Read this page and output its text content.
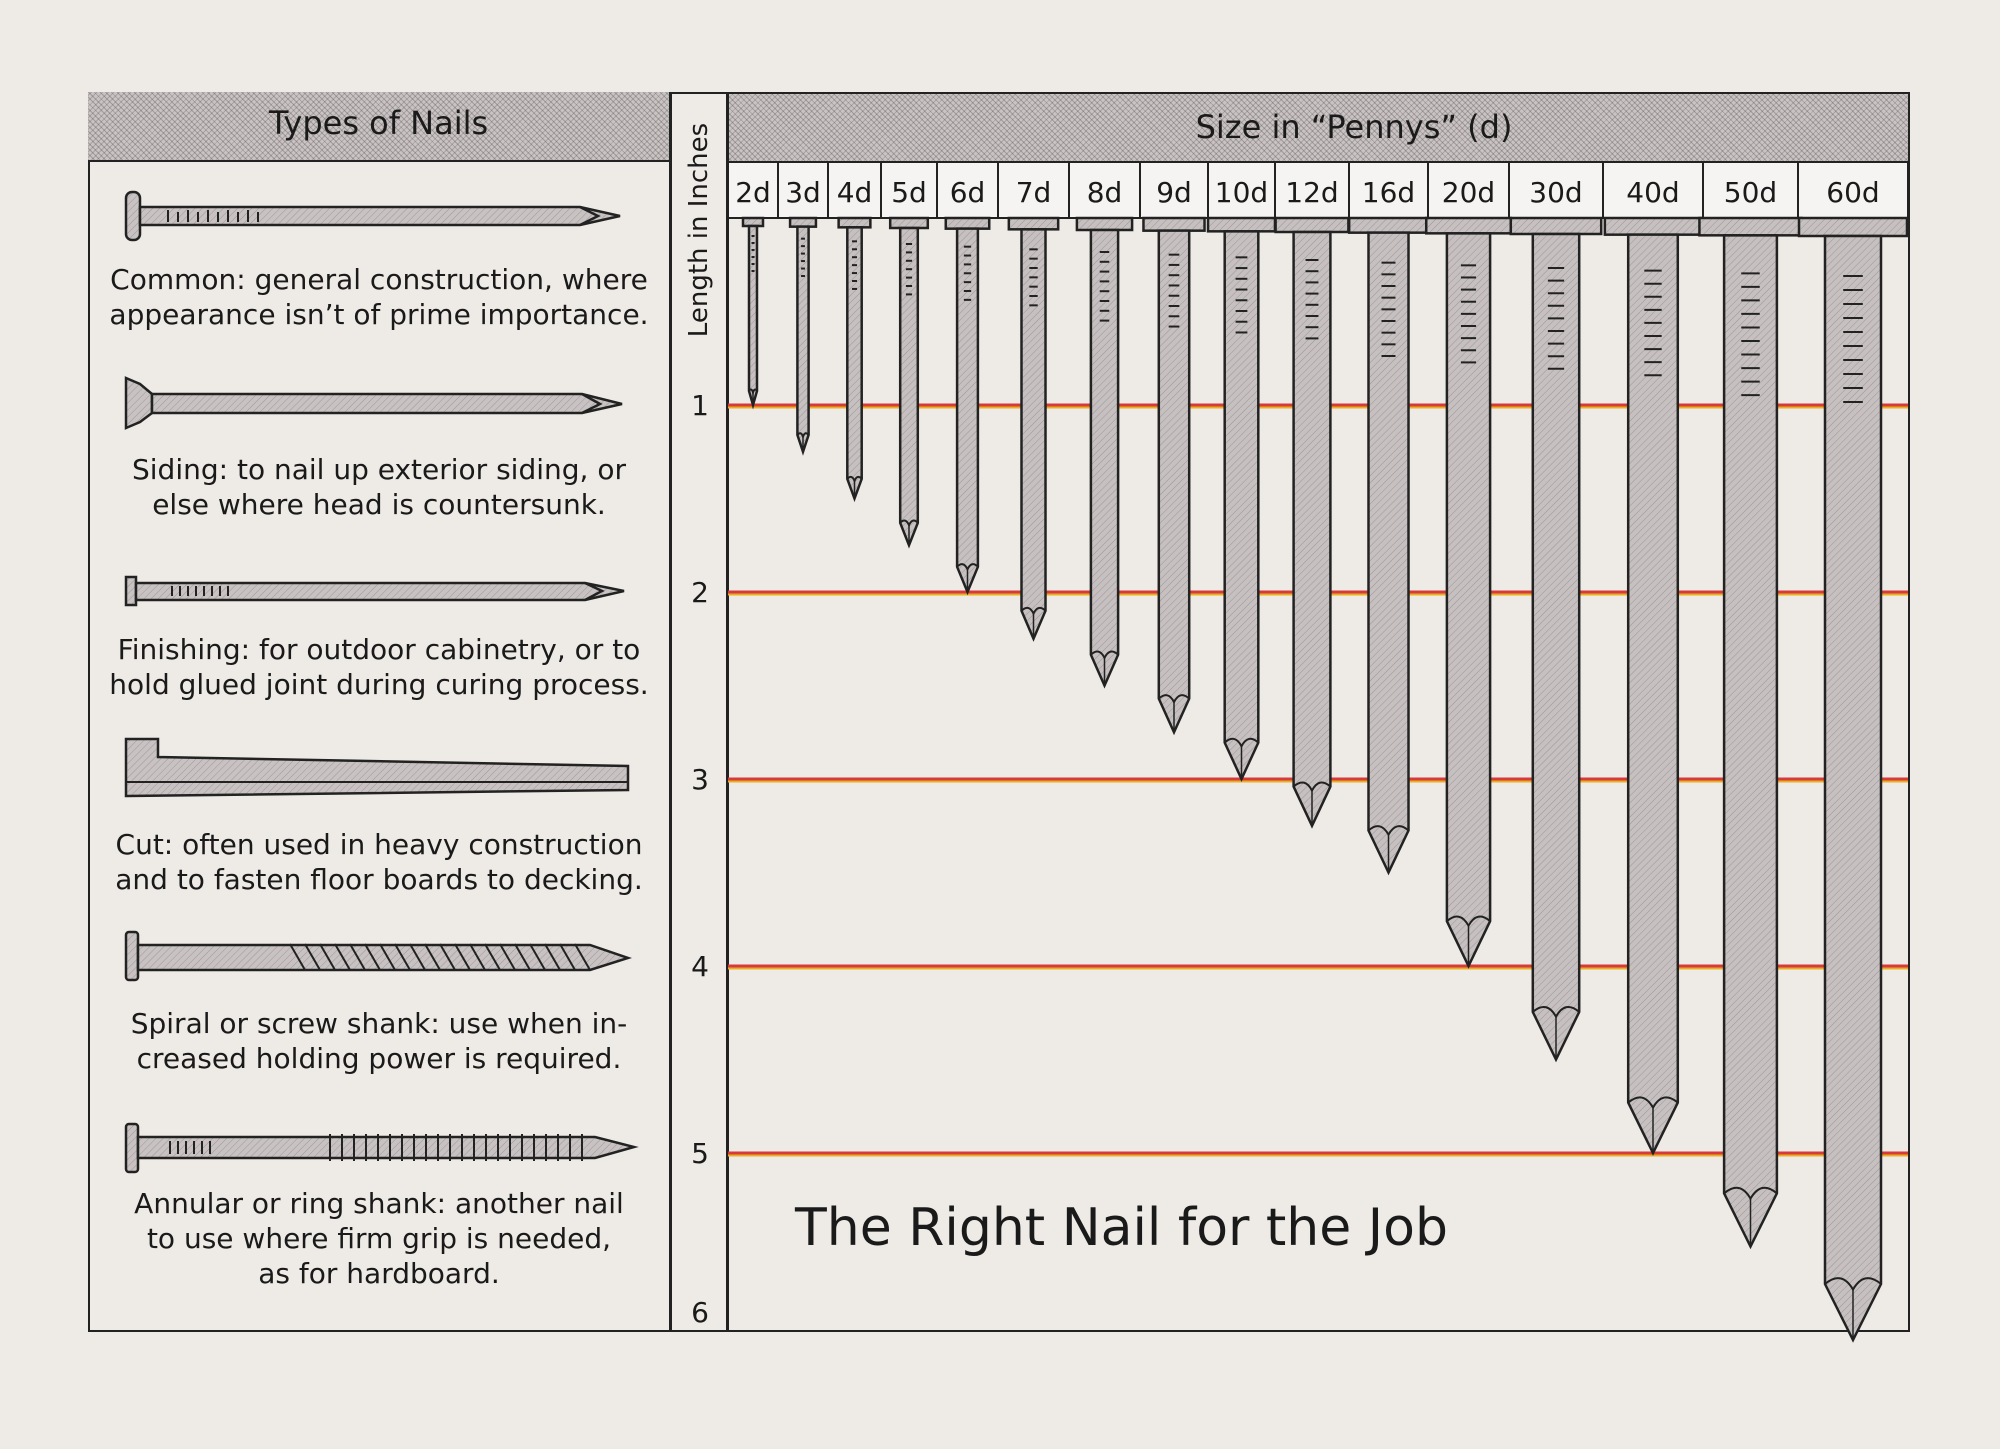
Types of Nails	Size in “Pennys” (d)
Length in Inches
Common: general construction, where
appearance isn’t of prime importance.
Siding: to nail up exterior siding, or
else where head is countersunk.
Finishing: for outdoor cabinetry, or to
hold glued joint during curing process.
Cut: often used in heavy construction
and to fasten floor boards to decking.
Spiral or screw shank: use when in-
creased holding power is required.
Annular or ring shank: another nail
to use where firm grip is needed,
as for hardboard.
1
2
3
4
5
6
2d 3d 4d 5d 6d 7d 8d 9d 10d 12d 16d 20d 30d 40d 50d 60d
The Right Nail for the Job
